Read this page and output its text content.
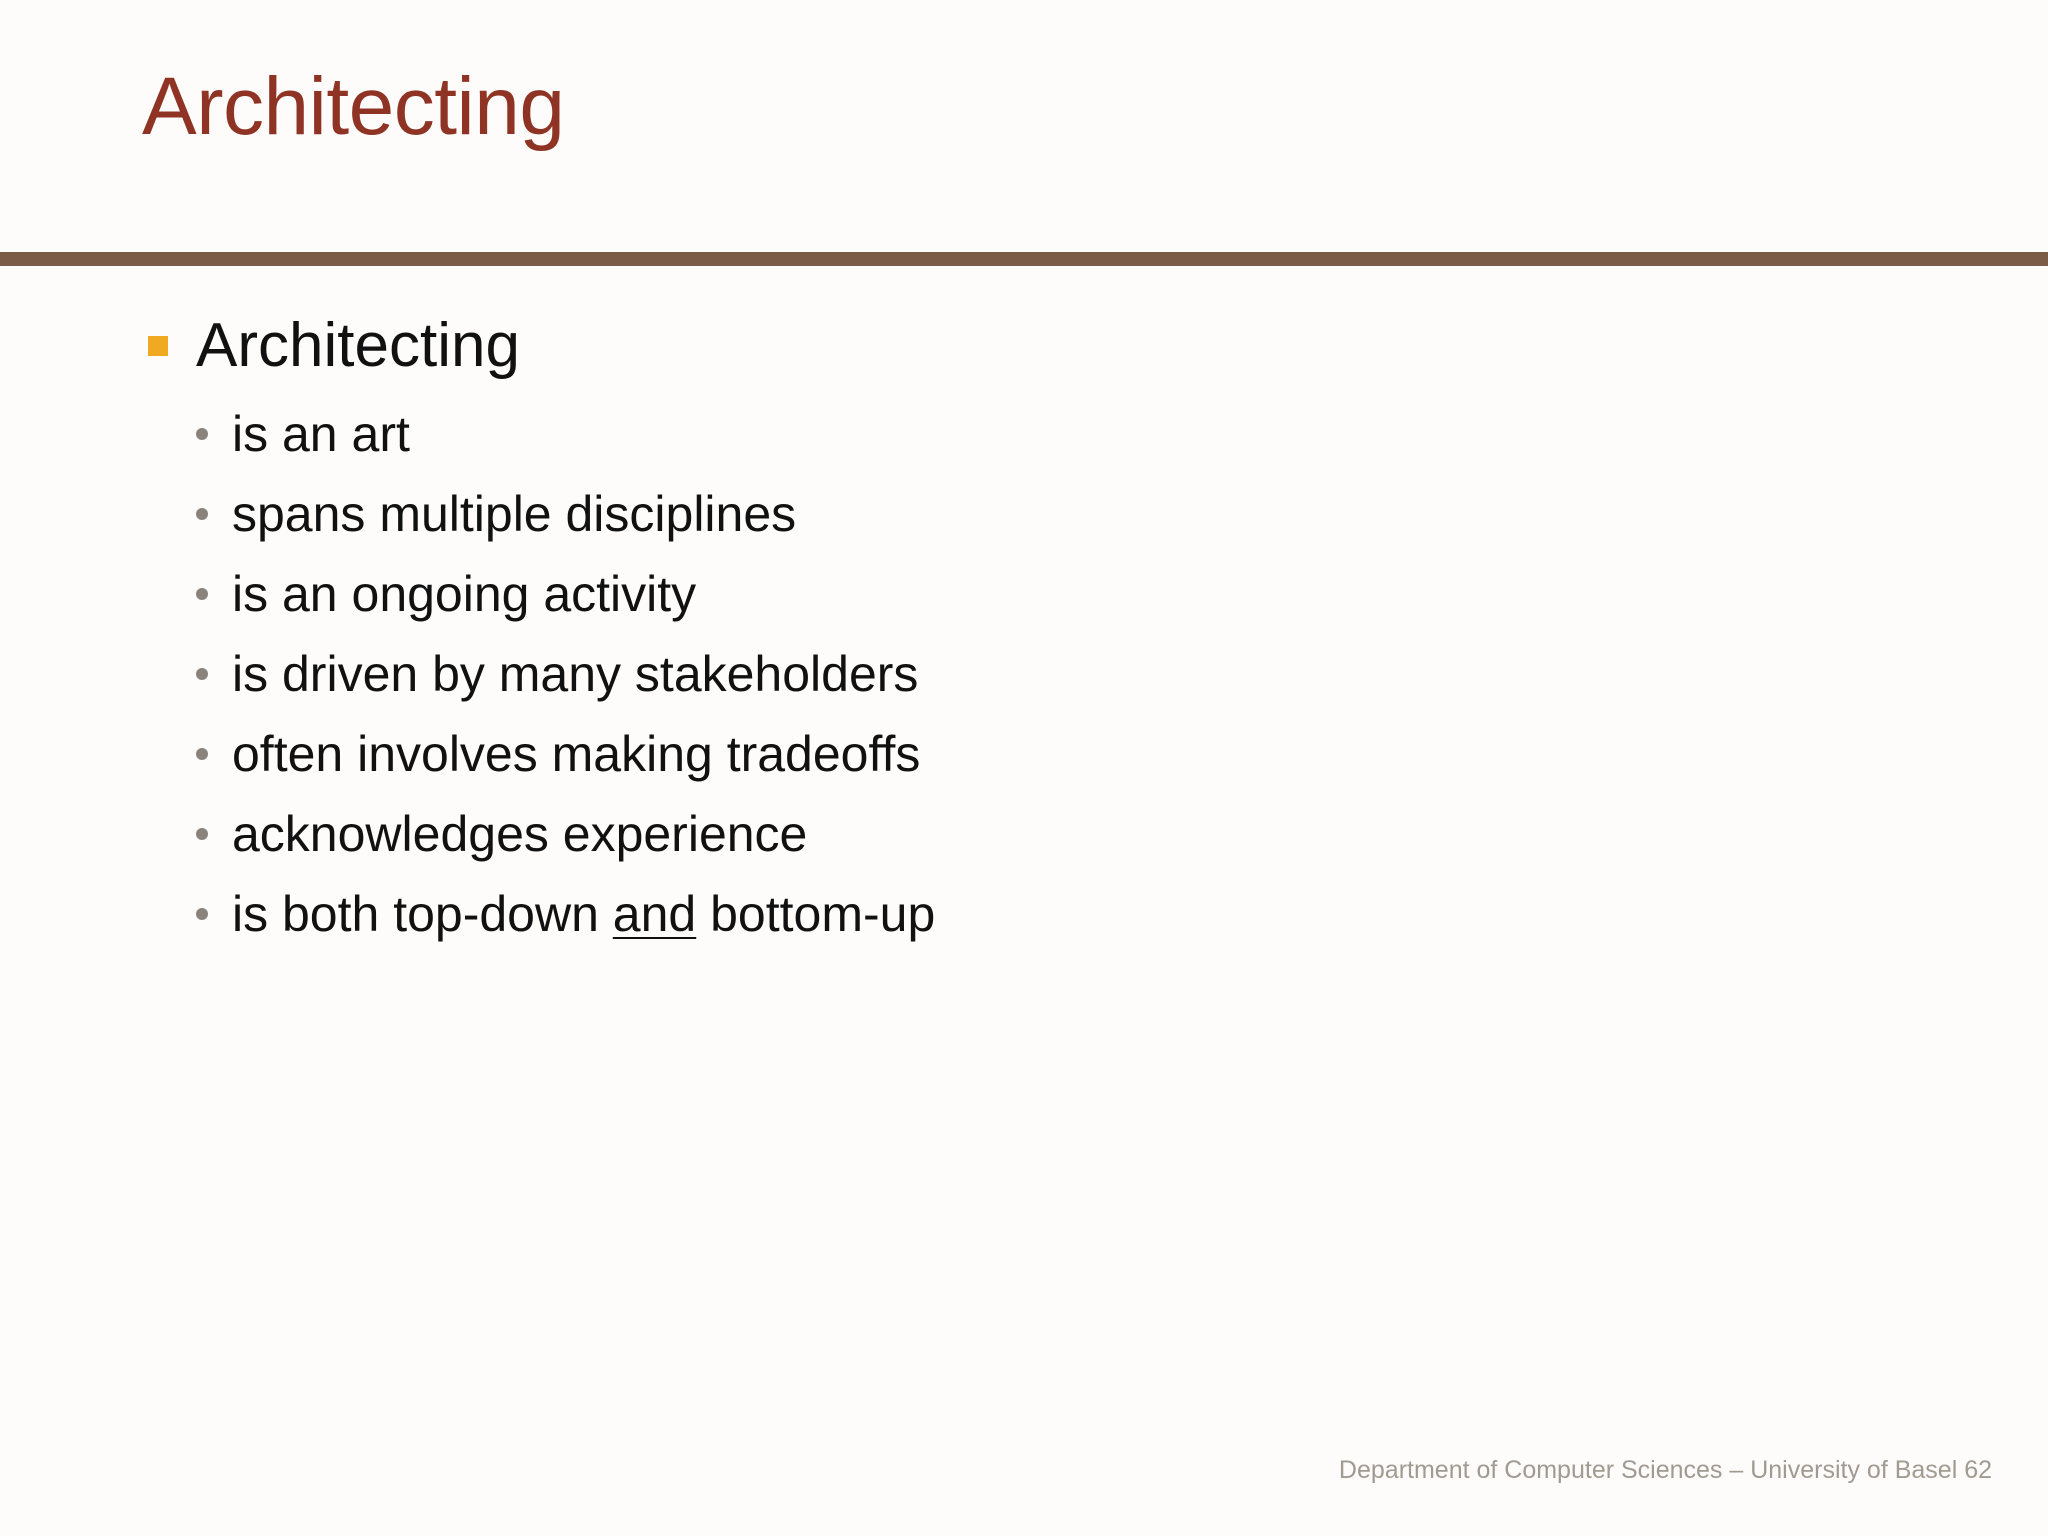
Architecting
Architecting
is an art
spans multiple disciplines
is an ongoing activity
is driven by many stakeholders
often involves making tradeoffs
acknowledges experience
is both top-down and bottom-up
Department of Computer Sciences – University of Basel 62
